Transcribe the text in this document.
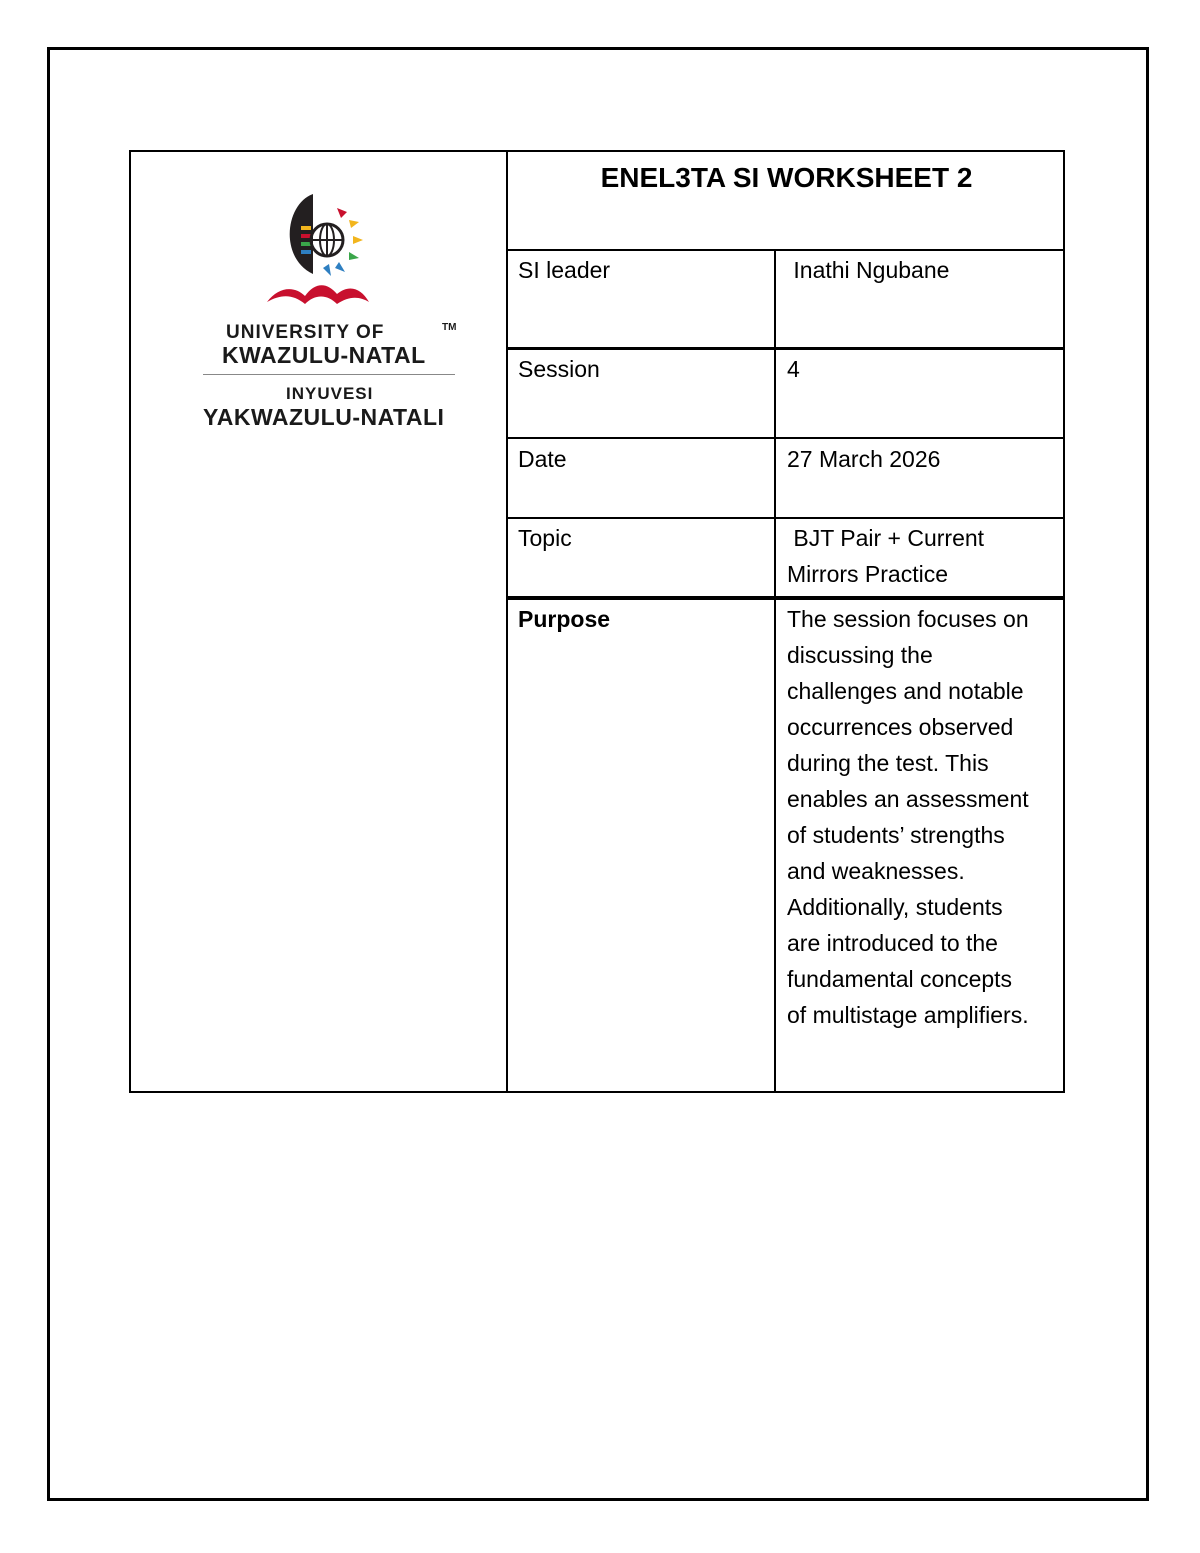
UNIVERSITY OF	TM
KWAZULU-NATAL
INYUVESI
YAKWAZULU-NATALI
ENEL3TA SI WORKSHEET 2
SI leader	Inathi Ngubane
Session	4
Date	27 March 2026
Topic	BJT Pair + Current
Mirrors Practice
Purpose	The session focuses on
discussing the
challenges and notable
occurrences observed
during the test. This
enables an assessment
of students’ strengths
and weaknesses.
Additionally, students
are introduced to the
fundamental concepts
of multistage amplifiers.
